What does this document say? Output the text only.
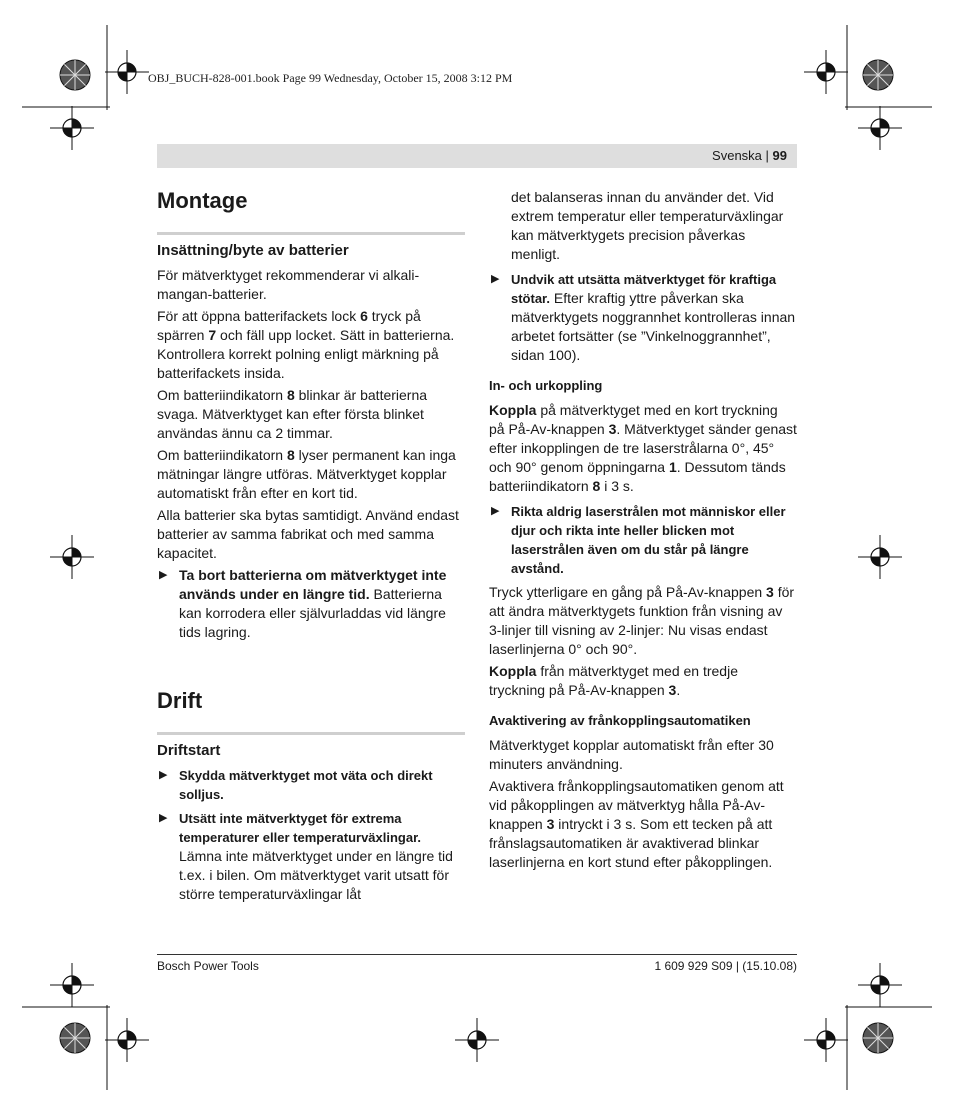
OBJ_BUCH-828-001.book Page 99 Wednesday, October 15, 2008 3:12 PM
Svenska | 99
Montage
Insättning/byte av batterier

För mätverktyget rekommenderar vi alkali-mangan-batterier.

För att öppna batterifackets lock 6 tryck på spärren 7 och fäll upp locket. Sätt in batterierna. Kontrollera korrekt polning enligt märkning på batterifackets insida.

Om batteriindikatorn 8 blinkar är batterierna svaga. Mätverktyget kan efter första blinket användas ännu ca 2 timmar.

Om batteriindikatorn 8 lyser permanent kan inga mätningar längre utföras. Mätverktyget kopplar automatiskt från efter en kort tid.

Alla batterier ska bytas samtidigt. Använd endast batterier av samma fabrikat och med samma kapacitet.

▶ Ta bort batterierna om mätverktyget inte används under en längre tid. Batterierna kan korrodera eller självurladdas vid längre tids lagring.
Drift
Driftstart
▶ Skydda mätverktyget mot väta och direkt solljus.
▶ Utsätt inte mätverktyget för extrema temperaturer eller temperaturväxlingar. Lämna inte mätverktyget under en längre tid t.ex. i bilen. Om mätverktyget varit utsatt för större temperaturväxlingar låt

det balanseras innan du använder det. Vid extrem temperatur eller temperaturväxlingar kan mätverktygets precision påverkas menligt.

▶ Undvik att utsätta mätverktyget för kraftiga stötar. Efter kraftig yttre påverkan ska mätverktygets noggrannhet kontrolleras innan arbetet fortsätter (se ”Vinkelnoggrannhet”, sidan 100).
In- och urkoppling

Koppla på mätverktyget med en kort tryckning på På-Av-knappen 3. Mätverktyget sänder genast efter inkopplingen de tre laserstrålarna 0°, 45° och 90° genom öppningarna 1. Dessutom tänds batteriindikatorn 8 i 3 s.

▶ Rikta aldrig laserstrålen mot människor eller djur och rikta inte heller blicken mot laserstrålen även om du står på längre avstånd.

Tryck ytterligare en gång på På-Av-knappen 3 för att ändra mätverktygets funktion från visning av 3-linjer till visning av 2-linjer: Nu visas endast laserlinjerna 0° och 90°.

Koppla från mätverktyget med en tredje tryckning på På-Av-knappen 3.

Avaktivering av frånkopplingsautomatiken

Mätverktyget kopplar automatiskt från efter 30 minuters användning.

Avaktivera frånkopplingsautomatiken genom att vid påkopplingen av mätverktyg hålla På-Av-knappen 3 intryckt i 3 s. Som ett tecken på att frånslagsautomatiken är avaktiverad blinkar laserlinjerna en kort stund efter påkopplingen.

Bosch Power Tools	1 609 929 S09 | (15.10.08)
